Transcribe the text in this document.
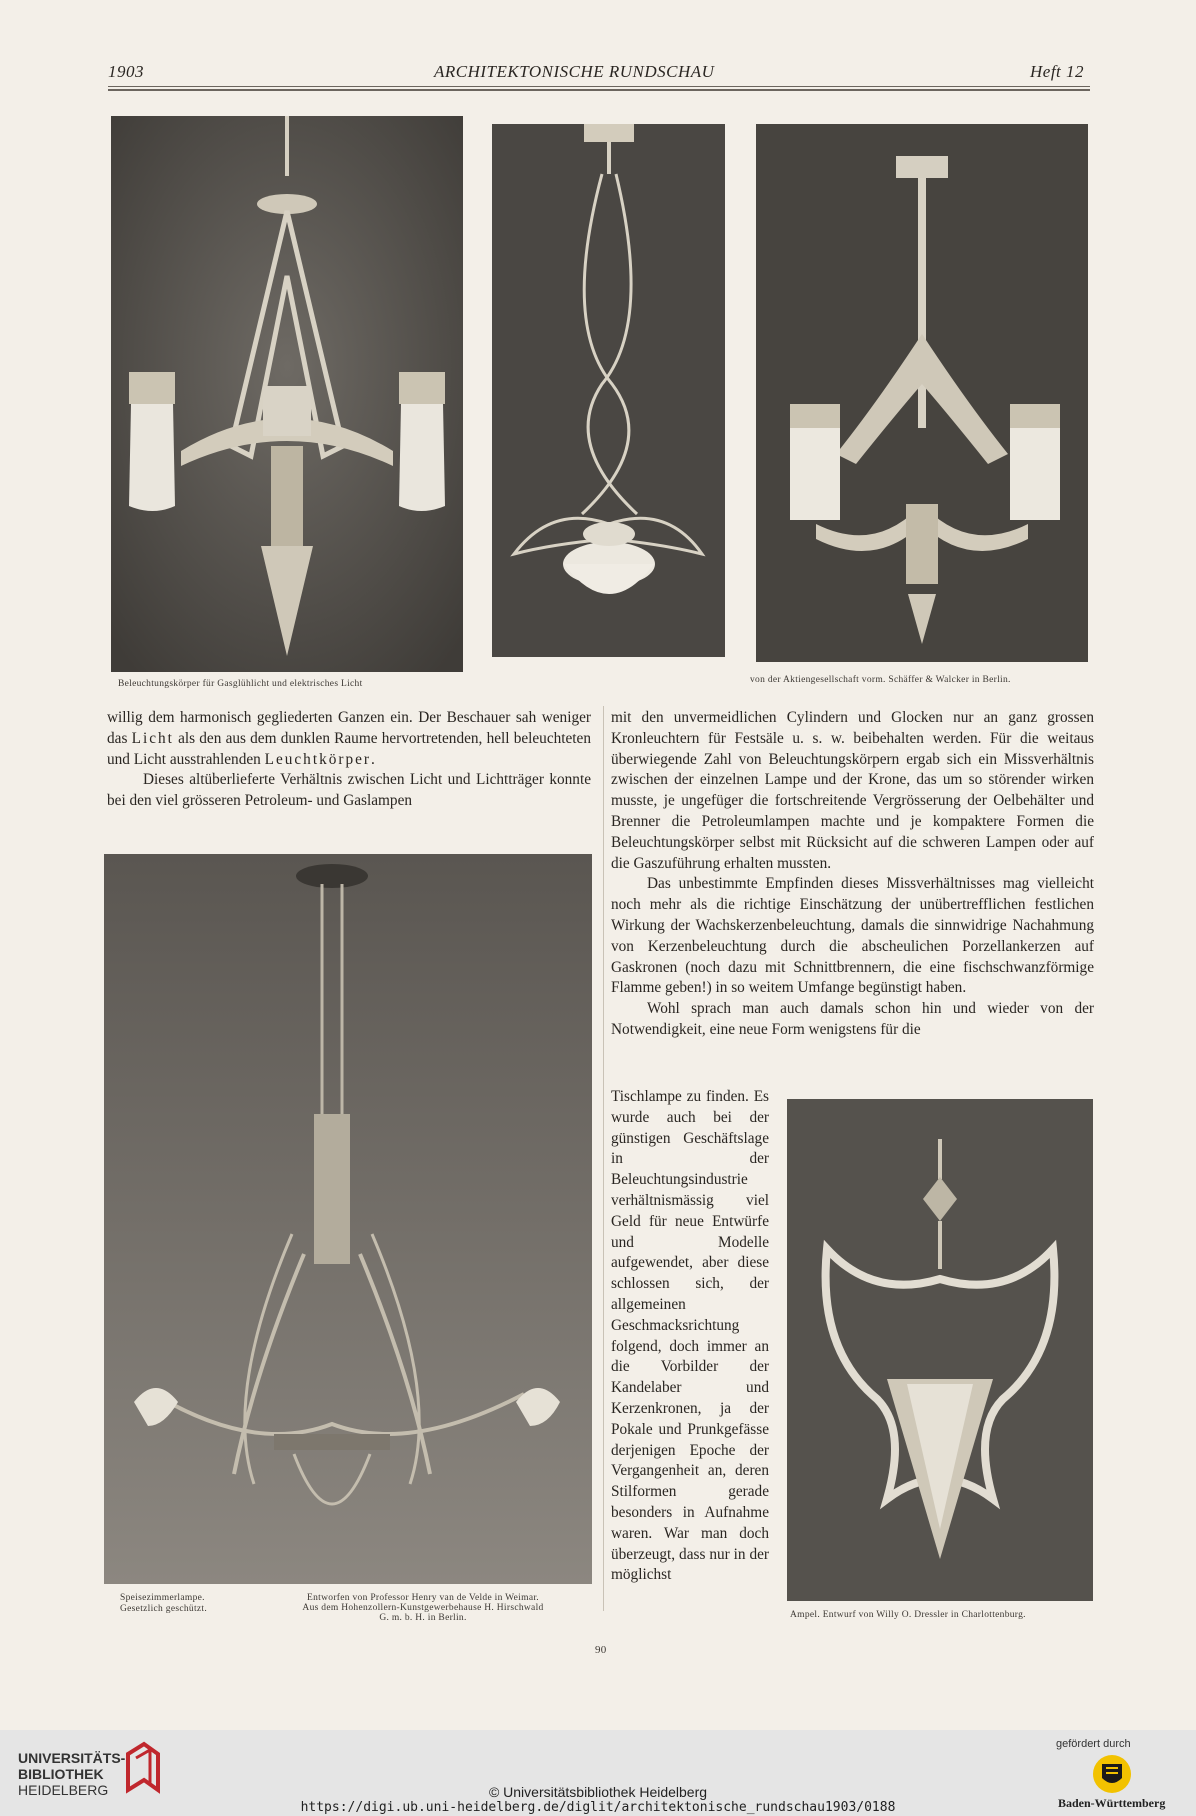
1903	ARCHITEKTONISCHE RUNDSCHAU	Heft 12
Beleuchtungskörper für Gasglühlicht und elektrisches Licht	von der Aktiengesellschaft vorm. Schäffer & Walcker in Berlin.

willig dem harmonisch gegliederten Ganzen ein. Der Beschauer sah weniger das Licht als den aus dem dunklen Raume hervortretenden, hell beleuchteten und Licht ausstrahlenden Leuchtkörper.

Dieses altüberlieferte Verhältnis zwischen Licht und Lichtträger konnte bei den viel grösseren Petroleum- und Gaslampen

Speisezimmerlampe.
Gesetzlich geschützt.
Entworfen von Professor Henry van de Velde in Weimar.
Aus dem Hohenzollern-Kunstgewerbehause H. Hirschwald
G. m. b. H. in Berlin.

mit den unvermeidlichen Cylindern und Glocken nur an ganz grossen Kronleuchtern für Festsäle u. s. w. beibehalten werden. Für die weitaus überwiegende Zahl von Beleuchtungskörpern ergab sich ein Missverhältnis zwischen der einzelnen Lampe und der Krone, das um so störender wirken musste, je ungefüger die fortschreitende Vergrösserung der Oelbehälter und Brenner die Petroleumlampen machte und je kompaktere Formen die Beleuchtungskörper selbst mit Rücksicht auf die schweren Lampen oder auf die Gaszuführung erhalten mussten.

Das unbestimmte Empfinden dieses Missverhältnisses mag vielleicht noch mehr als die richtige Einschätzung der unübertrefflichen festlichen Wirkung der Wachskerzenbeleuchtung, damals die sinnwidrige Nachahmung von Kerzenbeleuchtung durch die abscheulichen Porzellankerzen auf Gaskronen (noch dazu mit Schnittbrennern, die eine fischschwanzförmige Flamme geben!) in so weitem Umfange begünstigt haben.

Wohl sprach man auch damals schon hin und wieder von der Notwendigkeit, eine neue Form wenigstens für die

Tischlampe zu finden. Es wurde auch bei der günstigen Geschäftslage in der Beleuchtungsindustrie verhältnismässig viel Geld für neue Entwürfe und Modelle aufgewendet, aber diese schlossen sich, der allgemeinen Geschmacksrichtung folgend, doch immer an die Vorbilder der Kandelaber und Kerzenkronen, ja der Pokale und Prunkgefässe derjenigen Epoche der Vergangenheit an, deren Stilformen gerade besonders in Aufnahme waren. War man doch überzeugt, dass nur in der möglichst

Ampel. Entwurf von Willy O. Dressler in Charlottenburg.
90
UNIVERSITÄTS-
BIBLIOTHEK
HEIDELBERG
gefördert durch
Baden-Württemberg
© Universitätsbibliothek Heidelberg
https://digi.ub.uni-heidelberg.de/diglit/architektonische_rundschau1903/0188
